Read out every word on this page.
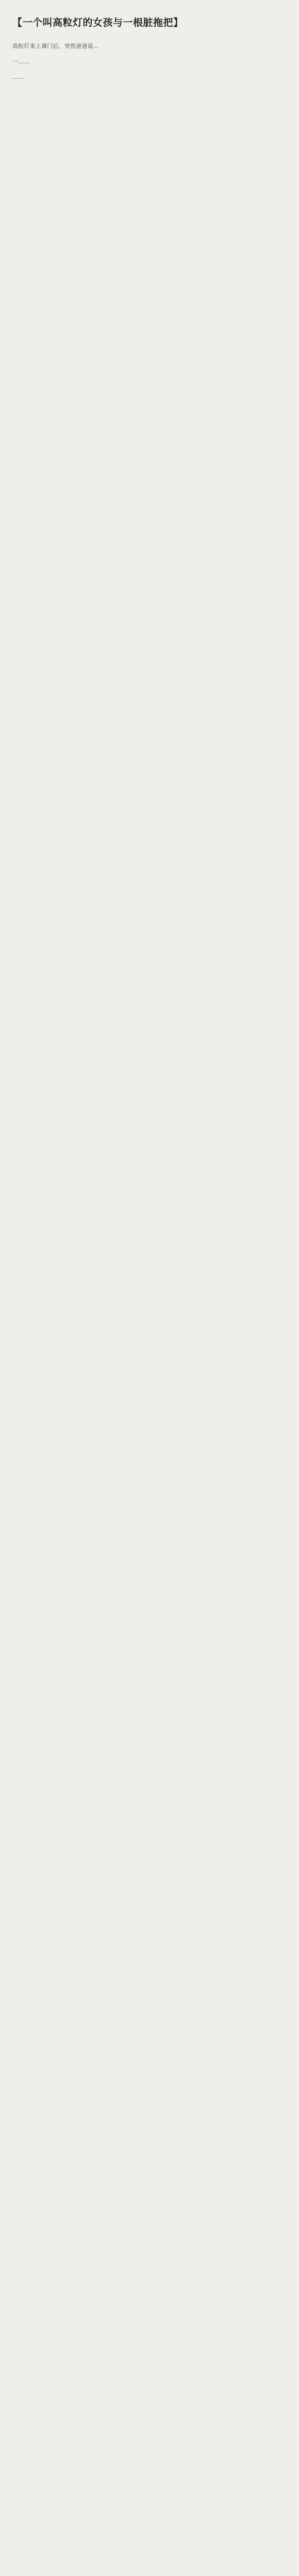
【一个叫高粒灯的女孩与一根脏拖把】

高粒灯来上课门后，突然爸爸说…

一……

……
